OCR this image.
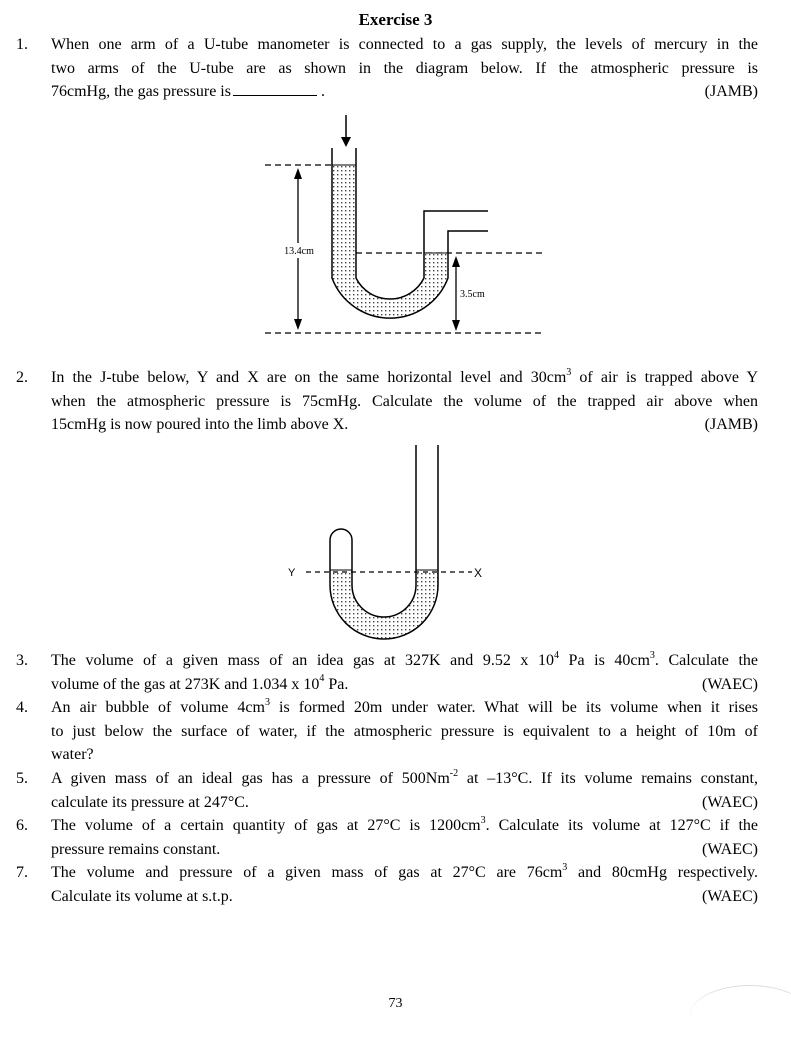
Exercise 3
1. When one arm of a U-tube manometer is connected to a gas supply, the levels of mercury in the
two arms of the U-tube are as shown in the diagram below. If the atmospheric pressure is
76cmHg, the gas pressure is	.	(JAMB)
13.4cm
3.5cm
2. In the J-tube below, Y and X are on the same horizontal level and $30cm^3$ of air is trapped above Y
when the atmospheric pressure is 75cmHg. Calculate the volume of the trapped air above when
15cmHg is now poured into the limb above X.	(JAMB)
Y	X
3. The volume of a given mass of an idea gas at 327K and 9.52 x $10^4$ Pa is $40cm^3$. Calculate the
volume of the gas at 273K and 1.034 x $10^4$ Pa.	(WAEC)
4. An air bubble of volume $4cm^3$ is formed 20m under water. What will be its volume when it rises
to just below the surface of water, if the atmospheric pressure is equivalent to a height of 10m of
water?
5. A given mass of an ideal gas has a pressure of $500Nm^{-2}$ at –13°C. If its volume remains constant,
calculate its pressure at 247°C.	(WAEC)
6. The volume of a certain quantity of gas at 27°C is $1200cm^3$. Calculate its volume at 127°C if the
pressure remains constant.	(WAEC)
7. The volume and pressure of a given mass of gas at 27°C are $76cm^3$ and 80cmHg respectively.
Calculate its volume at s.t.p.	(WAEC)
73
